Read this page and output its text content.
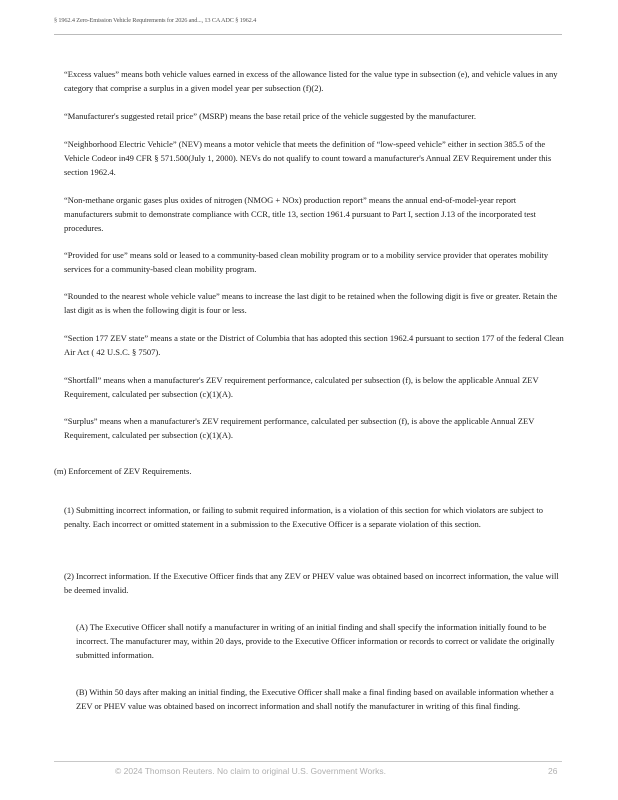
§ 1962.4 Zero-Emission Vehicle Requirements for 2026 and..., 13 CA ADC § 1962.4

“Excess values” means both vehicle values earned in excess of the allowance listed for the value type in subsection (e), and vehicle values in any category that comprise a surplus in a given model year per subsection (f)(2).

“Manufacturer's suggested retail price” (MSRP) means the base retail price of the vehicle suggested by the manufacturer.

“Neighborhood Electric Vehicle” (NEV) means a motor vehicle that meets the definition of “low-speed vehicle” either in section 385.5 of the Vehicle Codeor in49 CFR § 571.500(July 1, 2000). NEVs do not qualify to count toward a manufacturer's Annual ZEV Requirement under this section 1962.4.

“Non-methane organic gases plus oxides of nitrogen (NMOG + NOx) production report” means the annual end-of-model-year report manufacturers submit to demonstrate compliance with CCR, title 13, section 1961.4 pursuant to Part I, section J.13 of the incorporated test procedures.

“Provided for use” means sold or leased to a community-based clean mobility program or to a mobility service provider that operates mobility services for a community-based clean mobility program.

“Rounded to the nearest whole vehicle value” means to increase the last digit to be retained when the following digit is five or greater. Retain the last digit as is when the following digit is four or less.

“Section 177 ZEV state” means a state or the District of Columbia that has adopted this section 1962.4 pursuant to section 177 of the federal Clean Air Act ( 42 U.S.C. § 7507).

“Shortfall” means when a manufacturer's ZEV requirement performance, calculated per subsection (f), is below the applicable Annual ZEV Requirement, calculated per subsection (c)(1)(A).

“Surplus” means when a manufacturer's ZEV requirement performance, calculated per subsection (f), is above the applicable Annual ZEV Requirement, calculated per subsection (c)(1)(A).

(m) Enforcement of ZEV Requirements.

(1) Submitting incorrect information, or failing to submit required information, is a violation of this section for which violators are subject to penalty. Each incorrect or omitted statement in a submission to the Executive Officer is a separate violation of this section.

(2) Incorrect information. If the Executive Officer finds that any ZEV or PHEV value was obtained based on incorrect information, the value will be deemed invalid.

(A) The Executive Officer shall notify a manufacturer in writing of an initial finding and shall specify the information initially found to be incorrect. The manufacturer may, within 20 days, provide to the Executive Officer information or records to correct or validate the originally submitted information.

(B) Within 50 days after making an initial finding, the Executive Officer shall make a final finding based on available information whether a ZEV or PHEV value was obtained based on incorrect information and shall notify the manufacturer in writing of this final finding.

© 2024 Thomson Reuters. No claim to original U.S. Government Works.	26
